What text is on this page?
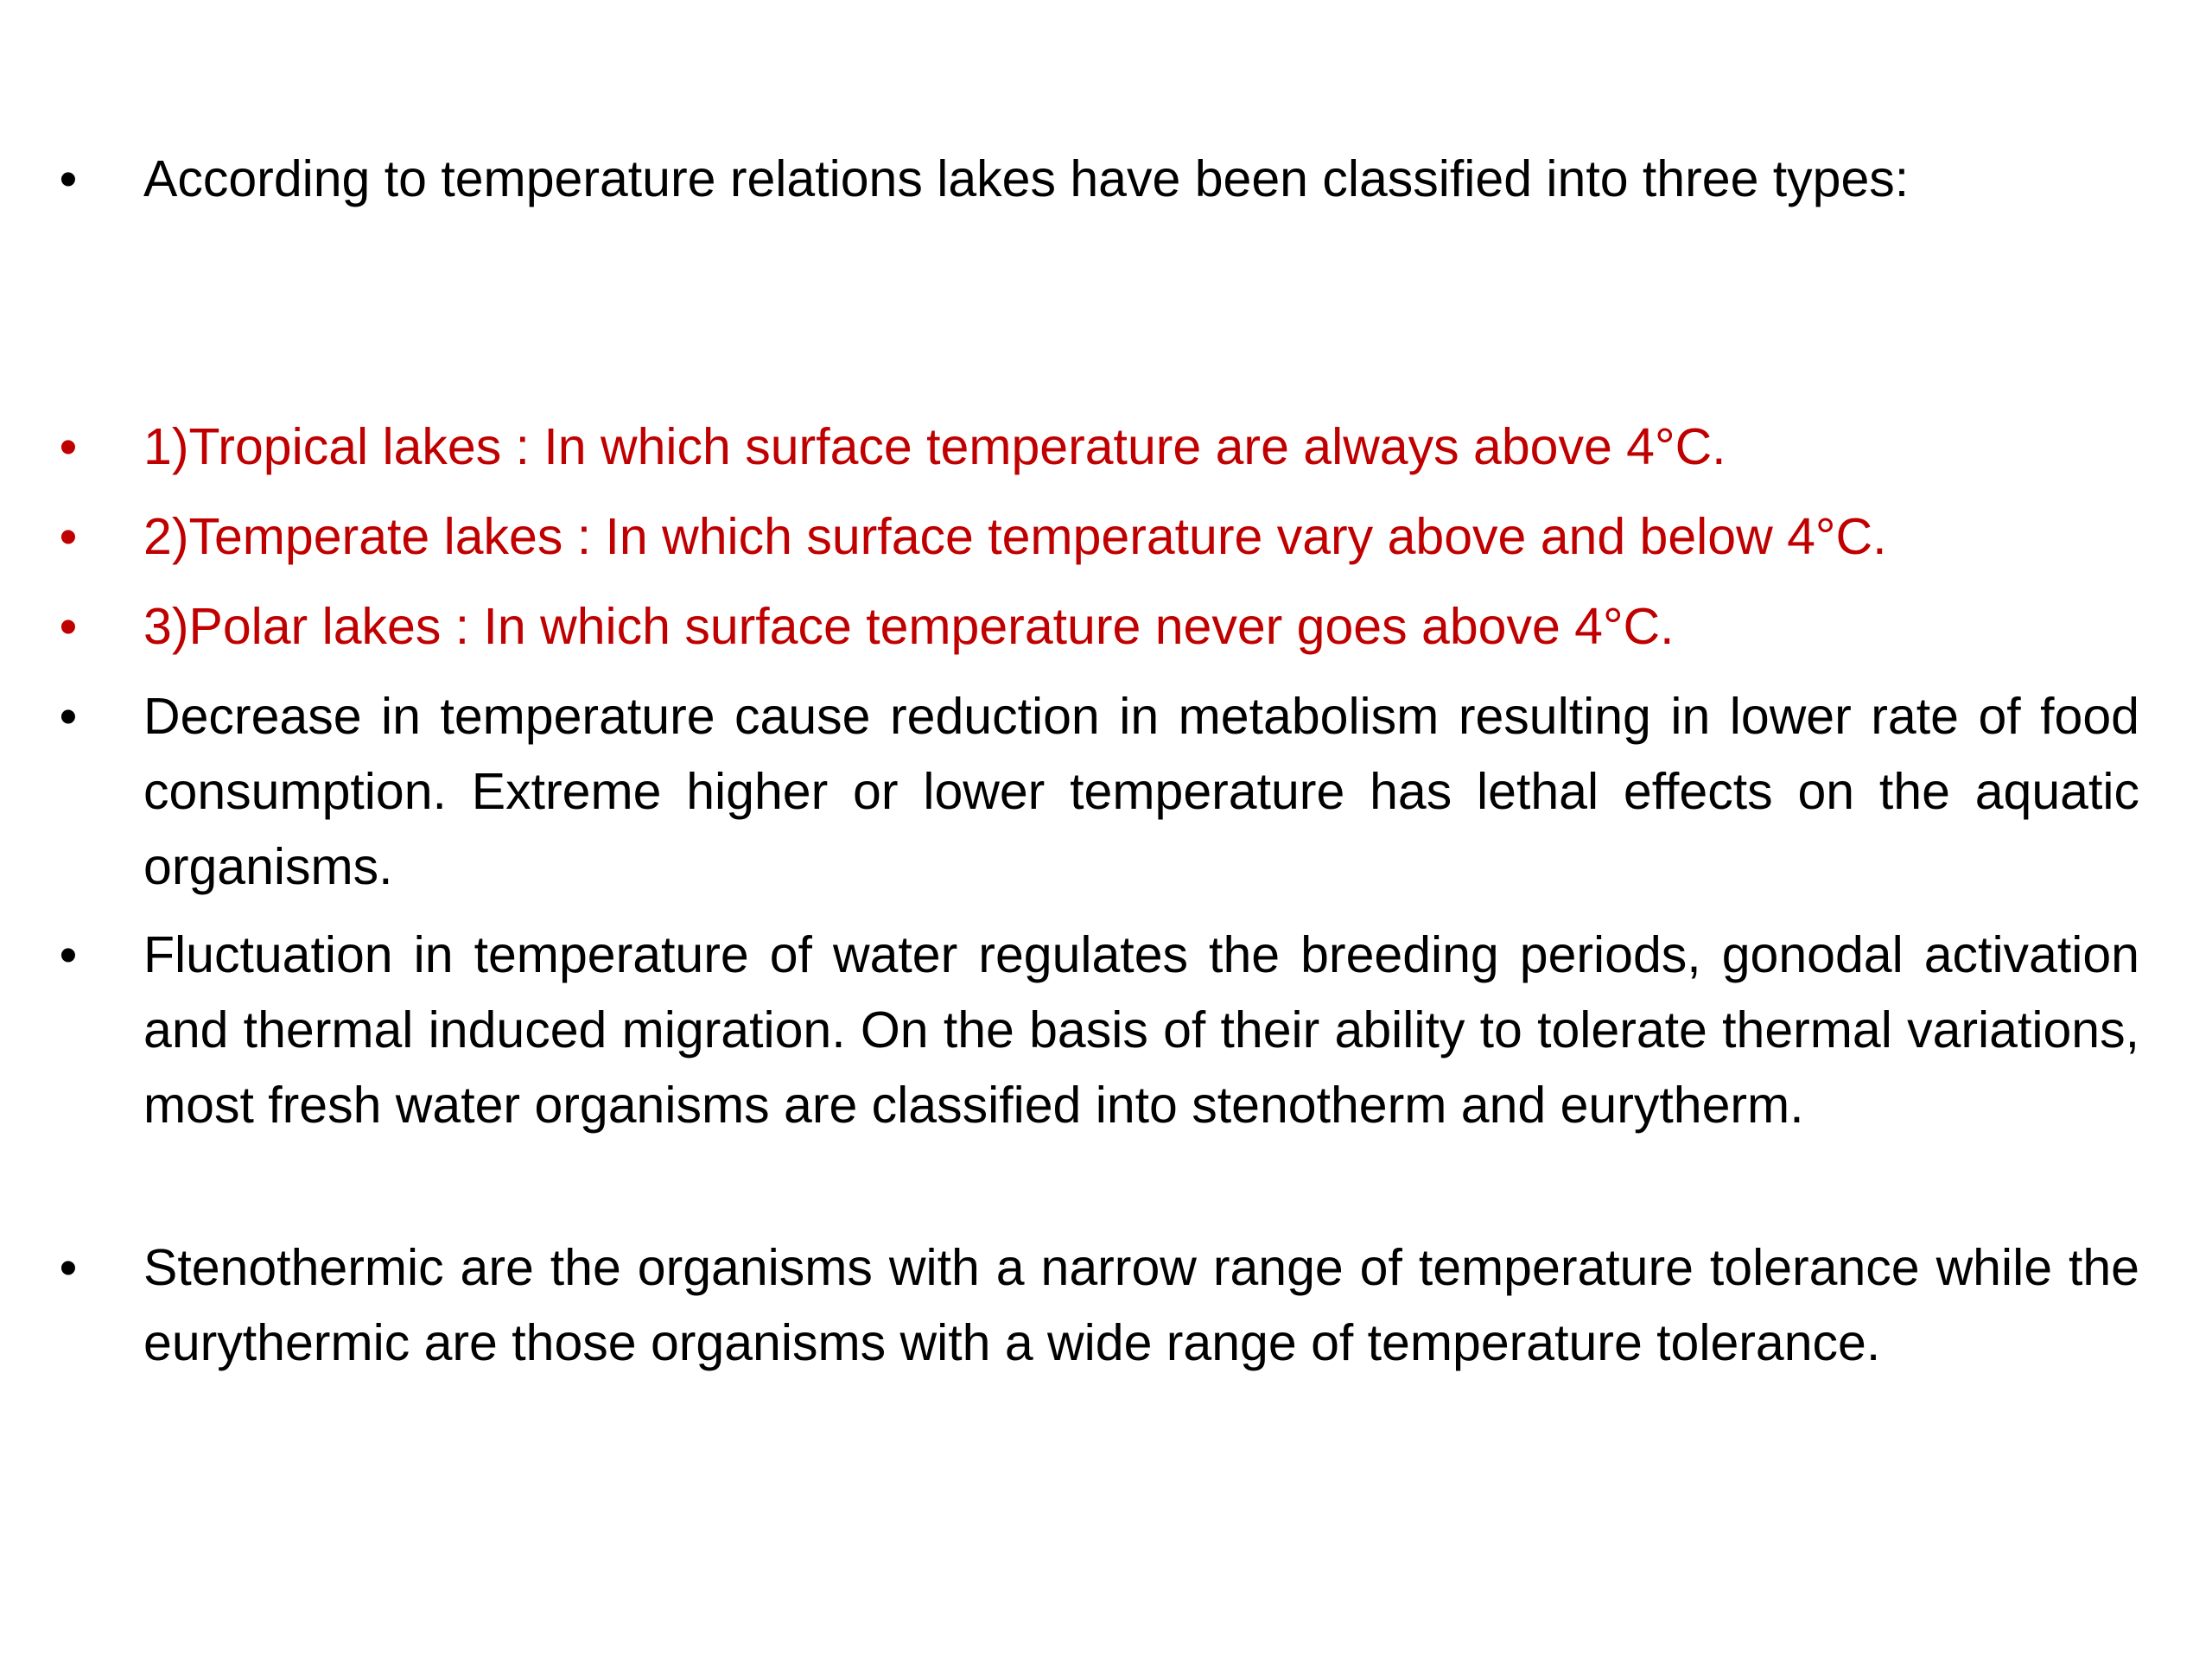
• According to temperature relations lakes have been classified into three types:
• 1)Tropical lakes : In which surface temperature are always above 4°C.
• 2)Temperate lakes : In which surface temperature vary above and below 4°C.
• 3)Polar lakes : In which surface temperature never goes above 4°C.
• Decrease in temperature cause reduction in metabolism resulting in lower rate of food consumption. Extreme higher or lower temperature has lethal effects on the aquatic organisms.
• Fluctuation in temperature of water regulates the breeding periods, gonodal activation and thermal induced migration. On the basis of their ability to tolerate thermal variations, most fresh water organisms are classified into stenotherm and eurytherm.
• Stenothermic are the organisms with a narrow range of temperature tolerance while the eurythermic are those organisms with a wide range of temperature tolerance.
